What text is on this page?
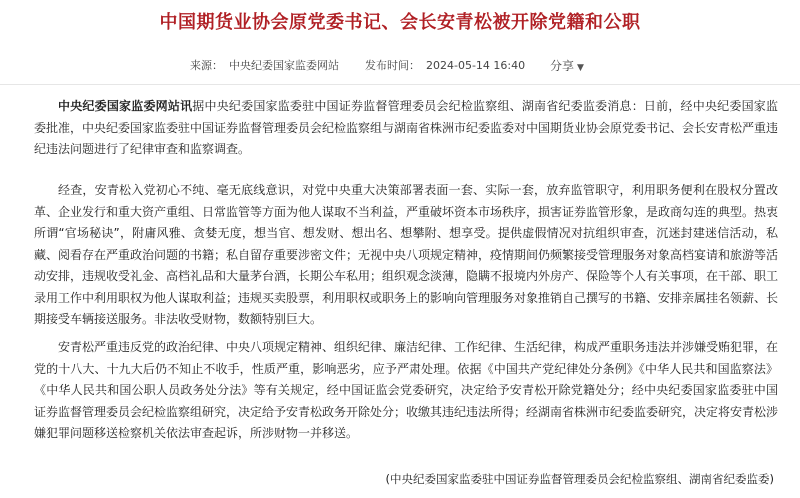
中国期货业协会原党委书记、会长安青松被开除党籍和公职
来源： 中央纪委国家监委网站 发布时间： 2024-05-14 16:40 分享 ▼

中央纪委国家监委网站讯据中央纪委国家监委驻中国证券监督管理委员会纪检监察组、湖南省纪委监委消息：日前，经中央纪委国家监委批准，中央纪委国家监委驻中国证券监督管理委员会纪检监察组与湖南省株洲市纪委监委对中国期货业协会原党委书记、会长安青松严重违纪违法问题进行了纪律审查和监察调查。

经查，安青松入党初心不纯、毫无底线意识，对党中央重大决策部署表面一套、实际一套，放弃监管职守，利用职务便利在股权分置改革、企业发行和重大资产重组、日常监管等方面为他人谋取不当利益，严重破坏资本市场秩序，损害证券监管形象，是政商勾连的典型。热衷所谓“官场秘诀”，附庸风雅、贪婪无度，想当官、想发财、想出名、想攀附、想享受。提供虚假情况对抗组织审查，沉迷封建迷信活动，私藏、阅看存在严重政治问题的书籍；私自留存重要涉密文件；无视中央八项规定精神，疫情期间仍频繁接受管理服务对象高档宴请和旅游等活动安排，违规收受礼金、高档礼品和大量茅台酒，长期公车私用；组织观念淡薄，隐瞒不报境内外房产、保险等个人有关事项，在干部、职工录用工作中利用职权为他人谋取利益；违规买卖股票，利用职权或职务上的影响向管理服务对象推销自己撰写的书籍、安排亲属挂名领薪、长期接受车辆接送服务。非法收受财物，数额特别巨大。

安青松严重违反党的政治纪律、中央八项规定精神、组织纪律、廉洁纪律、工作纪律、生活纪律，构成严重职务违法并涉嫌受贿犯罪，在党的十八大、十九大后仍不知止不收手，性质严重，影响恶劣，应予严肃处理。依据《中国共产党纪律处分条例》《中华人民共和国监察法》《中华人民共和国公职人员政务处分法》等有关规定，经中国证监会党委研究，决定给予安青松开除党籍处分；经中央纪委国家监委驻中国证券监督管理委员会纪检监察组研究，决定给予安青松政务开除处分；收缴其违纪违法所得；经湖南省株洲市纪委监委研究，决定将安青松涉嫌犯罪问题移送检察机关依法审查起诉，所涉财物一并移送。

(中央纪委国家监委驻中国证券监督管理委员会纪检监察组、湖南省纪委监委)
